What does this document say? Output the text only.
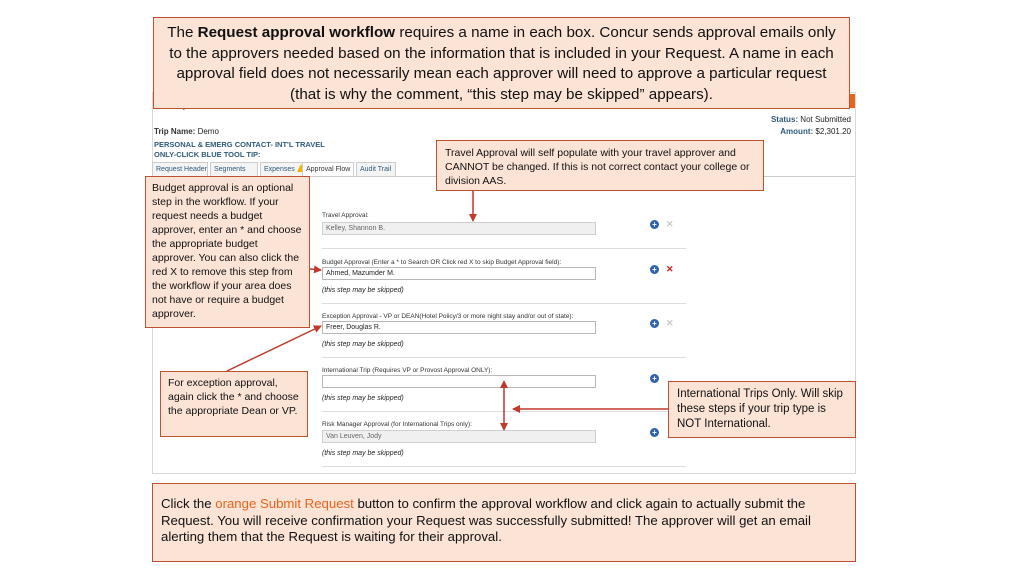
Trip Name: Demo
PERSONAL & EMERG CONTACT- INT'L TRAVEL
ONLY-CLICK BLUE TOOL TIP:
Status: Not Submitted
Amount: $2,301.20
Request Header	Segments	Expenses	Approval Flow	Audit Trail
Travel Approval:
Kelley, Shannon B.	+ ✕
Budget Approval (Enter a * to Search OR Click red X to skip Budget Approval field):
Ahmed, Mazumder M.
(this step may be skipped)
+ ✕
Exception Approval - VP or DEAN(Hotel Policy/3 or more night stay and/or out of state):
Freer, Douglas R.
(this step may be skipped)
+ ✕
International Trip (Requires VP or Provost Approval ONLY):
(this step may be skipped)
+
Risk Manager Approval (for International Trips only):
Van Leuven, Jody
(this step may be skipped)
+
The Request approval workflow requires a name in each box. Concur sends approval emails only to the approvers needed based on the information that is included in your Request. A name in each approval field does not necessarily mean each approver will need to approve a particular request (that is why the comment, “this step may be skipped” appears).
Travel Approval will self populate with your travel approver and CANNOT be changed. If this is not correct contact your college or division AAS.
Budget approval is an optional step in the workflow. If your request needs a budget approver, enter an * and choose the appropriate budget approver. You can also click the red X to remove this step from the workflow if your area does not have or require a budget approver.
For exception approval, again click the * and choose the appropriate Dean or VP.
International Trips Only. Will skip these steps if your trip type is NOT International.
Click the orange Submit Request button to confirm the approval workflow and click again to actually submit the Request. You will receive confirmation your Request was successfully submitted! The approver will get an email alerting them that the Request is waiting for their approval.
